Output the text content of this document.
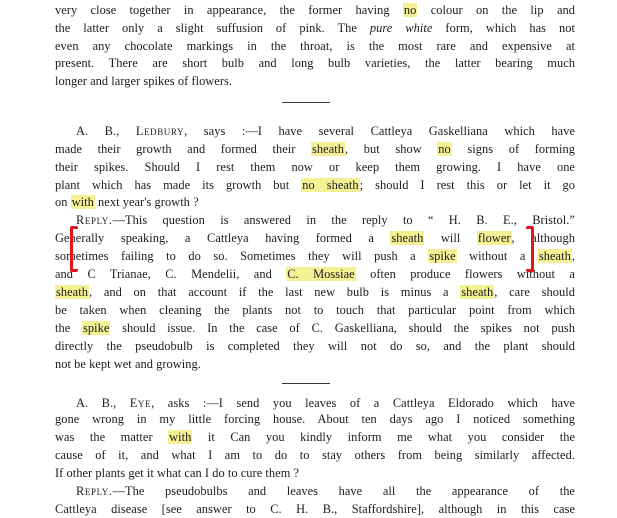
very close together in appearance, the former having no colour on the lip and

the latter only a slight suffusion of pink. The pure white form, which has not

even any chocolate markings in the throat, is the most rare and expensive at

present. There are short bulb and long bulb varieties, the latter bearing much

longer and larger spikes of flowers.

A. B., Ledbury, says :—I have several Cattleya Gaskelliana which have

made their growth and formed their sheath, but show no signs of forming

their spikes. Should I rest them now or keep them growing. I have one

plant which has made its growth but no sheath; should I rest this or let it go

on with next year's growth ?

Reply.—This question is answered in the reply to “ H. B. E., Bristol.”

Generally speaking, a Cattleya having formed a sheath will flower, although

sometimes failing to do so. Sometimes they will push a spike without a sheath,

and C Trianae, C. Mendelii, and C. Mossiae often produce flowers without a

sheath, and on that account if the last new bulb is minus a sheath, care should

be taken when cleaning the plants not to touch that particular point from which

the spike should issue. In the case of C. Gaskelliana, should the spikes not push

directly the pseudobulb is completed they will not do so, and the plant should

not be kept wet and growing.

A. B., Eye, asks :—I send you leaves of a Cattleya Eldorado which have

gone wrong in my little forcing house. About ten days ago I noticed something

was the matter with it Can you kindly inform me what you consider the

cause of it, and what I am to do to stay others from being similarly affected.

If other plants get it what can I do to cure them ?

Reply.—The pseudobulbs and leaves have all the appearance of the

Cattleya disease [see answer to C. H. B., Staffordshire], although in this case
